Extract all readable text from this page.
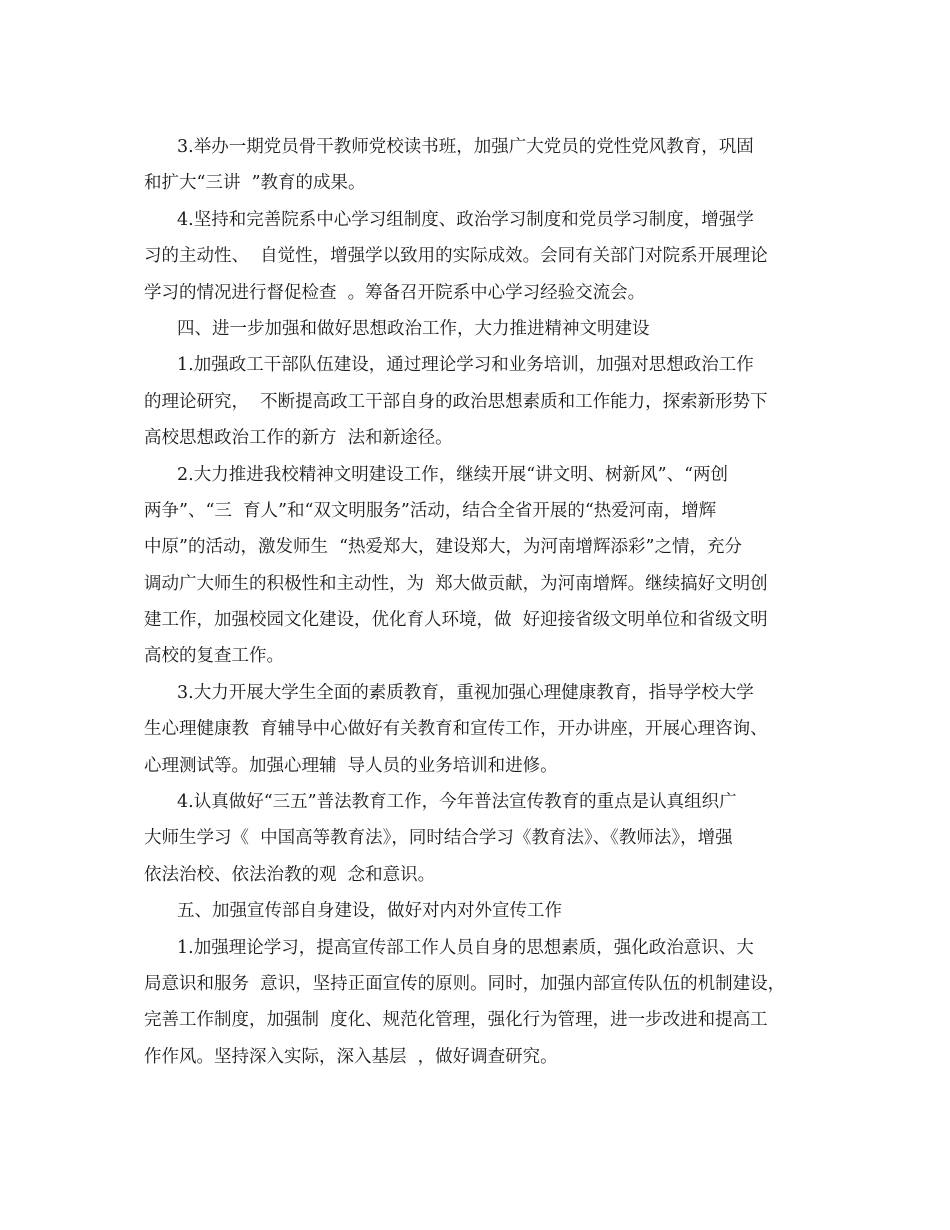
3.举办一期党员骨干教师党校读书班，加强广大党员的党性党风教育，巩固
和扩大“三讲  ”教育的成果。
4.坚持和完善院系中心学习组制度、政治学习制度和党员学习制度，增强学
习的主动性、  自觉性，增强学以致用的实际成效。会同有关部门对院系开展理论
学习的情况进行督促检查  。筹备召开院系中心学习经验交流会。
四、进一步加强和做好思想政治工作，大力推进精神文明建设
1.加强政工干部队伍建设，通过理论学习和业务培训，加强对思想政治工作
的理论研究，  不断提高政工干部自身的政治思想素质和工作能力，探索新形势下
高校思想政治工作的新方  法和新途径。
2.大力推进我校精神文明建设工作，继续开展“讲文明、树新风”、“两创
两争”、“三  育人”和“双文明服务”活动，结合全省开展的“热爱河南，增辉
中原”的活动，激发师生  “热爱郑大，建设郑大，为河南增辉添彩”之情，充分
调动广大师生的积极性和主动性，为  郑大做贡献，为河南增辉。继续搞好文明创
建工作，加强校园文化建设，优化育人环境，做  好迎接省级文明单位和省级文明
高校的复查工作。
3.大力开展大学生全面的素质教育，重视加强心理健康教育，指导学校大学
生心理健康教  育辅导中心做好有关教育和宣传工作，开办讲座，开展心理咨询、
心理测试等。加强心理辅  导人员的业务培训和进修。
4.认真做好“三五”普法教育工作，今年普法宣传教育的重点是认真组织广
大师生学习《  中国高等教育法》，同时结合学习《教育法》、《教师法》，增强
依法治校、依法治教的观  念和意识。
五、加强宣传部自身建设，做好对内对外宣传工作
1.加强理论学习，提高宣传部工作人员自身的思想素质，强化政治意识、大
局意识和服务  意识，坚持正面宣传的原则。同时，加强内部宣传队伍的机制建设，
完善工作制度，加强制  度化、规范化管理，强化行为管理，进一步改进和提高工
作作风。坚持深入实际，深入基层  ，做好调查研究。
